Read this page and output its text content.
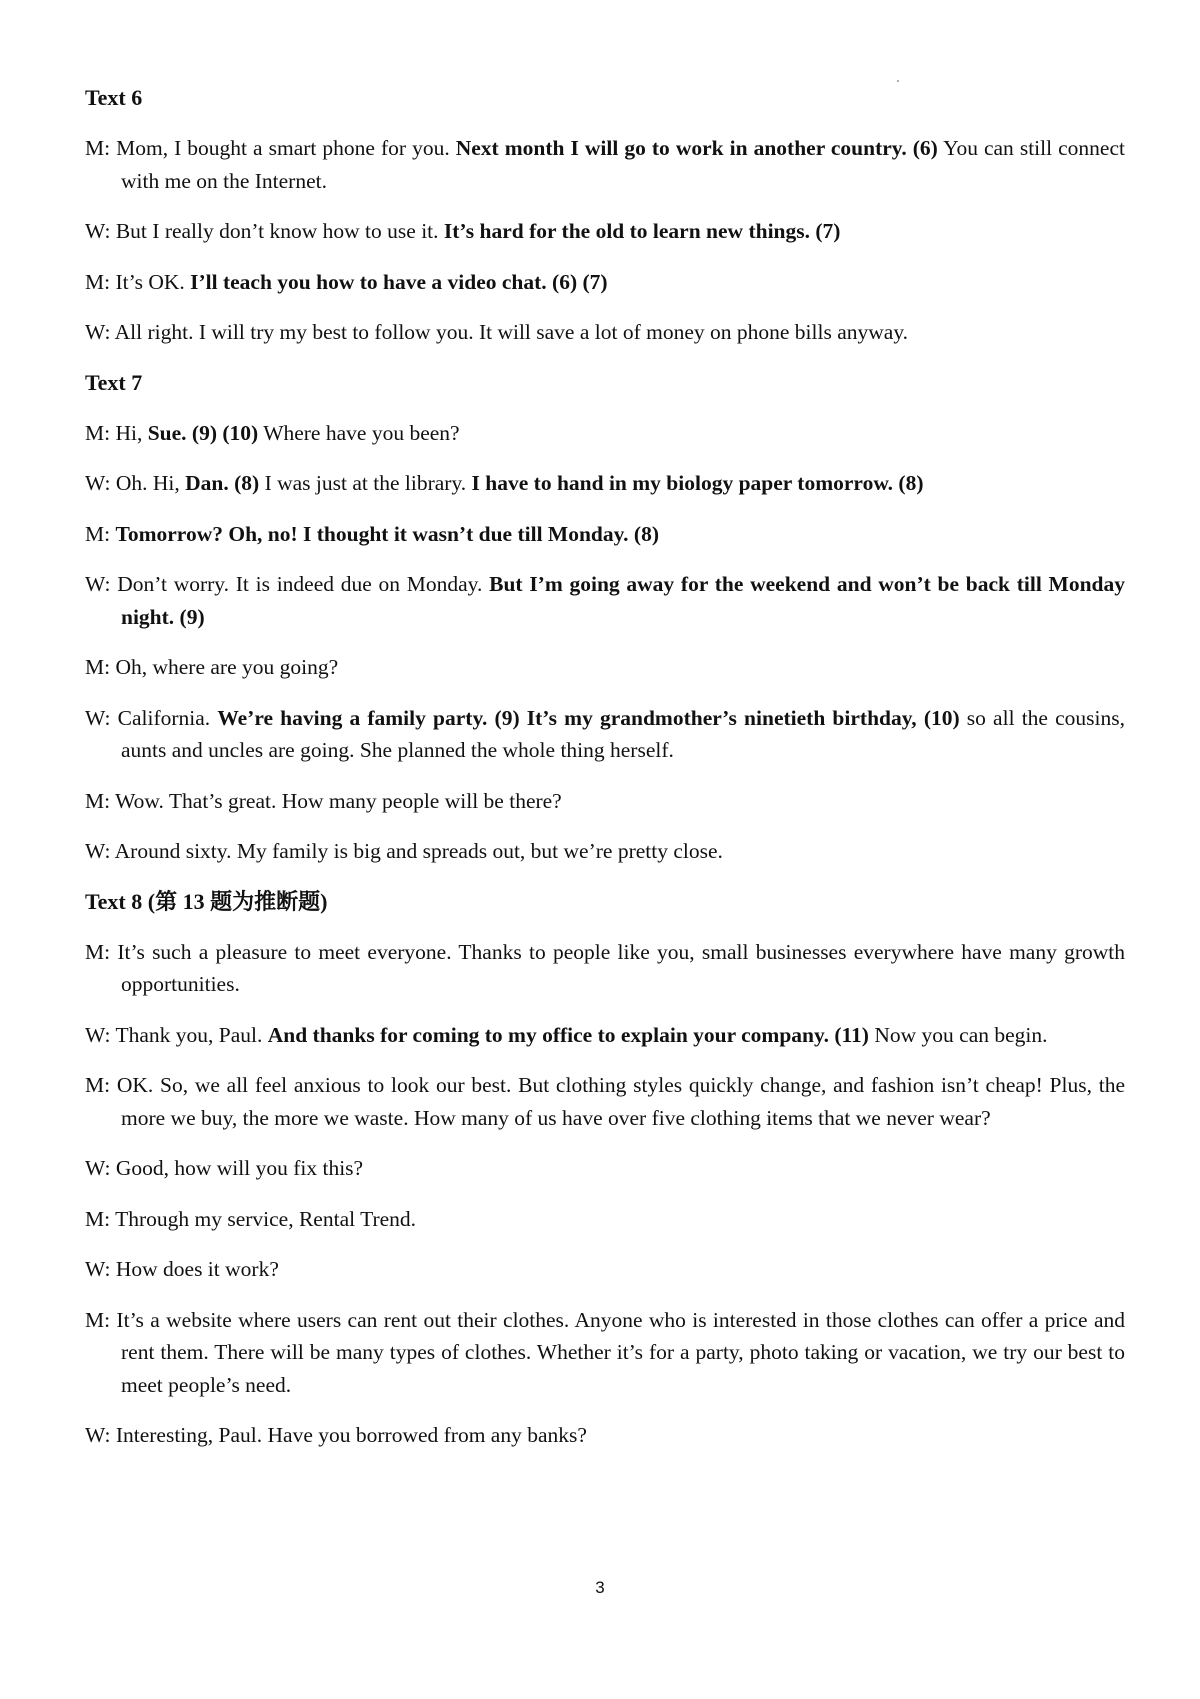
Text 6

M: Mom, I bought a smart phone for you. Next month I will go to work in another country. (6) You can still connect with me on the Internet.

W: But I really don’t know how to use it. It’s hard for the old to learn new things. (7)

M: It’s OK. I’ll teach you how to have a video chat. (6) (7)

W: All right. I will try my best to follow you. It will save a lot of money on phone bills anyway.

Text 7

M: Hi, Sue. (9) (10) Where have you been?

W: Oh. Hi, Dan. (8) I was just at the library. I have to hand in my biology paper tomorrow. (8)

M: Tomorrow? Oh, no! I thought it wasn’t due till Monday. (8)

W: Don’t worry. It is indeed due on Monday. But I’m going away for the weekend and won’t be back till Monday night. (9)

M: Oh, where are you going?

W: California. We’re having a family party. (9) It’s my grandmother’s ninetieth birthday, (10) so all the cousins, aunts and uncles are going. She planned the whole thing herself.

M: Wow. That’s great. How many people will be there?

W: Around sixty. My family is big and spreads out, but we’re pretty close.

Text 8 (第 13 题为推断题)

M: It’s such a pleasure to meet everyone. Thanks to people like you, small businesses everywhere have many growth opportunities.

W: Thank you, Paul. And thanks for coming to my office to explain your company. (11) Now you can begin.

M: OK. So, we all feel anxious to look our best. But clothing styles quickly change, and fashion isn’t cheap! Plus, the more we buy, the more we waste. How many of us have over five clothing items that we never wear?

W: Good, how will you fix this?

M: Through my service, Rental Trend.

W: How does it work?

M: It’s a website where users can rent out their clothes. Anyone who is interested in those clothes can offer a price and rent them. There will be many types of clothes. Whether it’s for a party, photo taking or vacation, we try our best to meet people’s need.

W: Interesting, Paul. Have you borrowed from any banks?

3
